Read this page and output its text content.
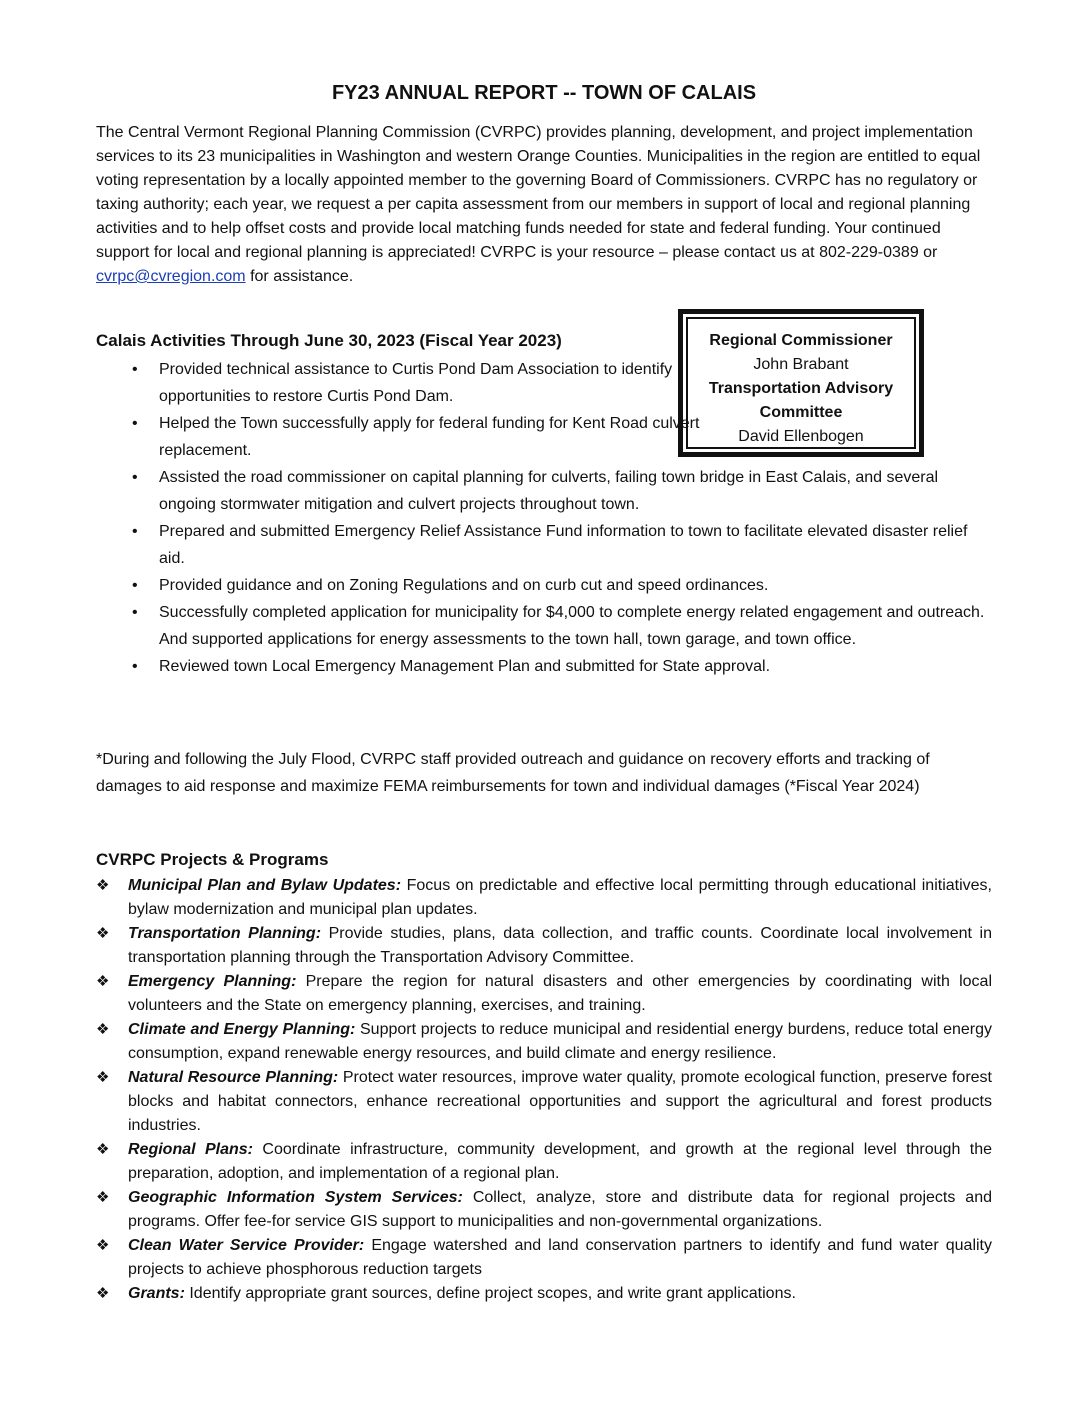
FY23 ANNUAL REPORT -- TOWN OF CALAIS

The Central Vermont Regional Planning Commission (CVRPC) provides planning, development, and project implementation services to its 23 municipalities in Washington and western Orange Counties. Municipalities in the region are entitled to equal voting representation by a locally appointed member to the governing Board of Commissioners. CVRPC has no regulatory or taxing authority; each year, we request a per capita assessment from our members in support of local and regional planning activities and to help offset costs and provide local matching funds needed for state and federal funding. Your continued support for local and regional planning is appreciated! CVRPC is your resource – please contact us at 802-229-0389 or cvrpc@cvregion.com for assistance.

Calais Activities Through June 30, 2023 (Fiscal Year 2023)
• Provided technical assistance to Curtis Pond Dam Association to identify opportunities to restore Curtis Pond Dam.
• Helped the Town successfully apply for federal funding for Kent Road culvert replacement.
• Assisted the road commissioner on capital planning for culverts, failing town bridge in East Calais, and several ongoing stormwater mitigation and culvert projects throughout town.
• Prepared and submitted Emergency Relief Assistance Fund information to town to facilitate elevated disaster relief aid.
• Provided guidance and on Zoning Regulations and on curb cut and speed ordinances.
• Successfully completed application for municipality for $4,000 to complete energy related engagement and outreach. And supported applications for energy assessments to the town hall, town garage, and town office.
• Reviewed town Local Emergency Management Plan and submitted for State approval.

*During and following the July Flood, CVRPC staff provided outreach and guidance on recovery efforts and tracking of damages to aid response and maximize FEMA reimbursements for town and individual damages (*Fiscal Year 2024)

CVRPC Projects & Programs
❖ Municipal Plan and Bylaw Updates: Focus on predictable and effective local permitting through educational initiatives, bylaw modernization and municipal plan updates.
❖ Transportation Planning: Provide studies, plans, data collection, and traffic counts. Coordinate local involvement in transportation planning through the Transportation Advisory Committee.
❖ Emergency Planning: Prepare the region for natural disasters and other emergencies by coordinating with local volunteers and the State on emergency planning, exercises, and training.
❖ Climate and Energy Planning: Support projects to reduce municipal and residential energy burdens, reduce total energy consumption, expand renewable energy resources, and build climate and energy resilience.
❖ Natural Resource Planning: Protect water resources, improve water quality, promote ecological function, preserve forest blocks and habitat connectors, enhance recreational opportunities and support the agricultural and forest products industries.
❖ Regional Plans: Coordinate infrastructure, community development, and growth at the regional level through the preparation, adoption, and implementation of a regional plan.
❖ Geographic Information System Services: Collect, analyze, store and distribute data for regional projects and programs. Offer fee-for service GIS support to municipalities and non-governmental organizations.
❖ Clean Water Service Provider: Engage watershed and land conservation partners to identify and fund water quality projects to achieve phosphorous reduction targets
❖ Grants: Identify appropriate grant sources, define project scopes, and write grant applications.
Regional Commissioner
John Brabant
Transportation Advisory Committee
David Ellenbogen
